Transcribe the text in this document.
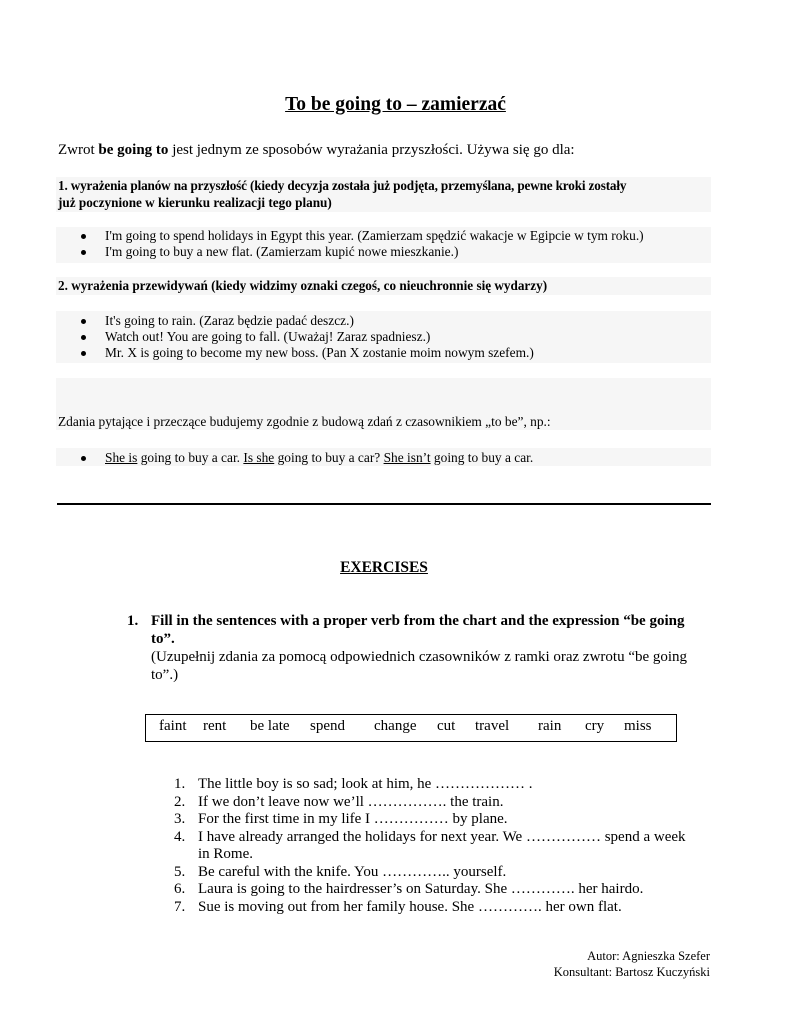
To be going to – zamierzać
Zwrot be going to jest jednym ze sposobów wyrażania przyszłości. Używa się go dla:
1. wyrażenia planów na przyszłość (kiedy decyzja została już podjęta, przemyślana, pewne kroki zostały
już poczynione w kierunku realizacji tego planu)
I'm going to spend holidays in Egypt this year. (Zamierzam spędzić wakacje w Egipcie w tym roku.)
I'm going to buy a new flat. (Zamierzam kupić nowe mieszkanie.)
2. wyrażenia przewidywań (kiedy widzimy oznaki czegoś, co nieuchronnie się wydarzy)
It's going to rain. (Zaraz będzie padać deszcz.)
Watch out! You are going to fall. (Uważaj! Zaraz spadniesz.)
Mr. X is going to become my new boss. (Pan X zostanie moim nowym szefem.)
Zdania pytające i przeczące budujemy zgodnie z budową zdań z czasownikiem „to be”, np.:
She is going to buy a car. Is she going to buy a car? She isn’t going to buy a car.
EXERCISES
1. Fill in the sentences with a proper verb from the chart and the expression “be going
to”.
(Uzupełnij zdania za pomocą odpowiednich czasowników z ramki oraz zwrotu “be going
to”.)
faint rent be late spend change cut travel rain cry miss
1. The little boy is so sad; look at him, he ……………… .
2. If we don’t leave now we’ll ……………. the train.
3. For the first time in my life I …………… by plane.
4. I have already arranged the holidays for next year. We …………… spend a week
in Rome.
5. Be careful with the knife. You ………….. yourself.
6. Laura is going to the hairdresser’s on Saturday. She …………. her hairdo.
7. Sue is moving out from her family house. She …………. her own flat.
Autor: Agnieszka Szefer
Konsultant: Bartosz Kuczyński
